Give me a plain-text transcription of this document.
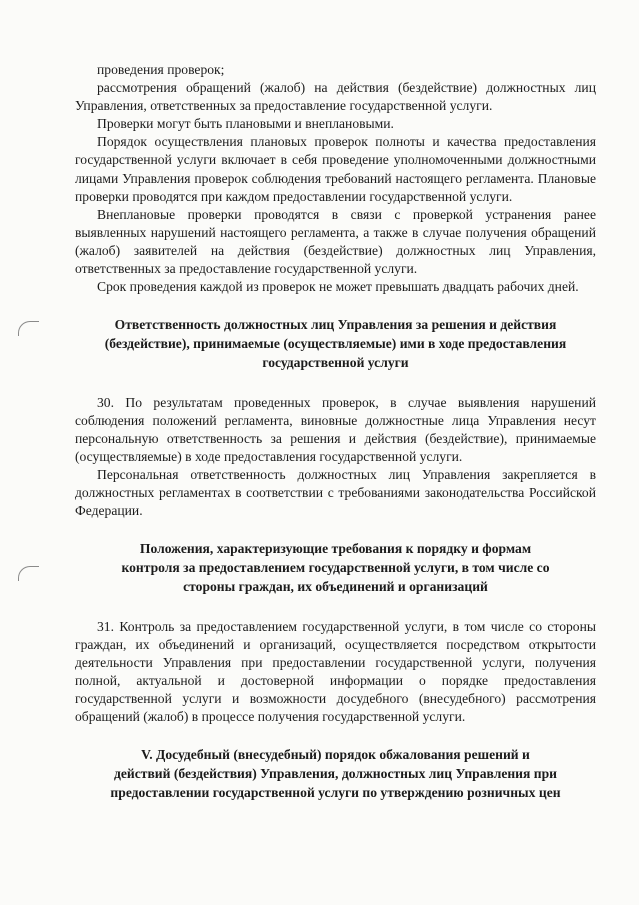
проведения проверок;

рассмотрения обращений (жалоб) на действия (бездействие) должностных лиц Управления, ответственных за предоставление государственной услуги.

Проверки могут быть плановыми и внеплановыми.

Порядок осуществления плановых проверок полноты и качества предоставления государственной услуги включает в себя проведение уполномоченными должностными лицами Управления проверок соблюдения требований настоящего регламента. Плановые проверки проводятся при каждом предоставлении государственной услуги.

Внеплановые проверки проводятся в связи с проверкой устранения ранее выявленных нарушений настоящего регламента, а также в случае получения обращений (жалоб) заявителей на действия (бездействие) должностных лиц Управления, ответственных за предоставление государственной услуги.

Срок проведения каждой из проверок не может превышать двадцать рабочих дней.

Ответственность должностных лиц Управления за решения и действия

(бездействие), принимаемые (осуществляемые) ими в ходе предоставления

государственной услуги

30. По результатам проведенных проверок, в случае выявления нарушений соблюдения положений регламента, виновные должностные лица Управления несут персональную ответственность за решения и действия (бездействие), принимаемые (осуществляемые) в ходе предоставления государственной услуги.

Персональная ответственность должностных лиц Управления закрепляется в должностных регламентах в соответствии с требованиями законодательства Российской Федерации.

Положения, характеризующие требования к порядку и формам

контроля за предоставлением государственной услуги, в том числе со

стороны граждан, их объединений и организаций

31. Контроль за предоставлением государственной услуги, в том числе со стороны граждан, их объединений и организаций, осуществляется посредством открытости деятельности Управления при предоставлении государственной услуги, получения полной, актуальной и достоверной информации о порядке предоставления государственной услуги и возможности досудебного (внесудебного) рассмотрения обращений (жалоб) в процессе получения государственной услуги.

V. Досудебный (внесудебный) порядок обжалования решений и

действий (бездействия) Управления, должностных лиц Управления при

предоставлении государственной услуги по утверждению розничных цен
